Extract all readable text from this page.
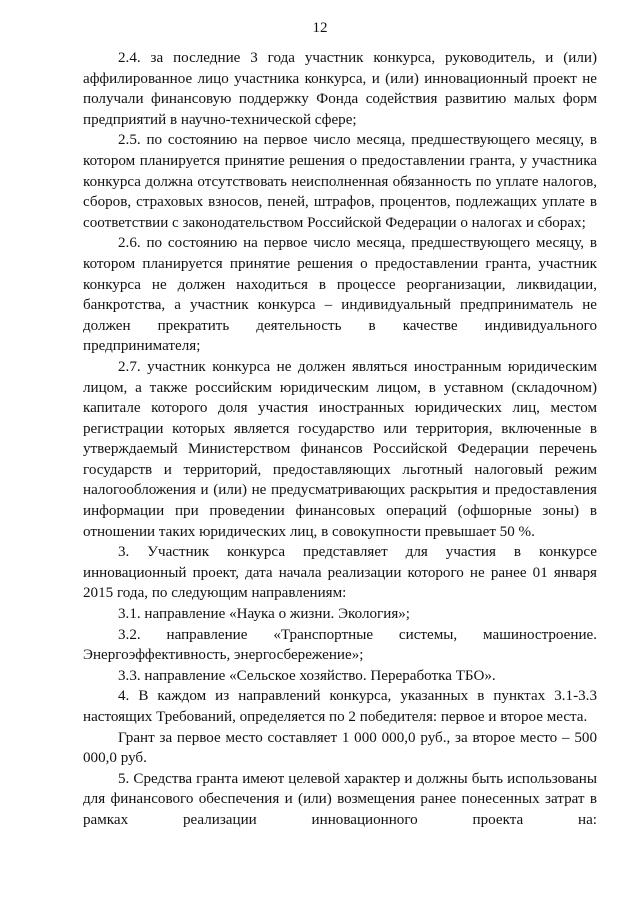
12

2.4. за последние 3 года участник конкурса, руководитель, и (или) аффилированное лицо участника конкурса, и (или) инновационный проект не получали финансовую поддержку Фонда содействия развитию малых форм предприятий в научно-технической сфере;

2.5. по состоянию на первое число месяца, предшествующего месяцу, в котором планируется принятие решения о предоставлении гранта, у участника конкурса должна отсутствовать неисполненная обязанность по уплате налогов, сборов, страховых взносов, пеней, штрафов, процентов, подлежащих уплате в соответствии с законодательством Российской Федерации о налогах и сборах;

2.6. по состоянию на первое число месяца, предшествующего месяцу, в котором планируется принятие решения о предоставлении гранта, участник конкурса не должен находиться в процессе реорганизации, ликвидации, банкротства, а участник конкурса – индивидуальный предприниматель не должен прекратить деятельность в качестве индивидуального предпринимателя;

2.7. участник конкурса не должен являться иностранным юридическим лицом, а также российским юридическим лицом, в уставном (складочном) капитале которого доля участия иностранных юридических лиц, местом регистрации которых является государство или территория, включенные в утверждаемый Министерством финансов Российской Федерации перечень государств и территорий, предоставляющих льготный налоговый режим налогообложения и (или) не предусматривающих раскрытия и предоставления информации при проведении финансовых операций (офшорные зоны) в отношении таких юридических лиц, в совокупности превышает 50 %.

3. Участник конкурса представляет для участия в конкурсе инновационный проект, дата начала реализации которого не ранее 01 января 2015 года, по следующим направлениям:

3.1. направление «Наука о жизни. Экология»;

3.2. направление «Транспортные системы, машиностроение. Энергоэффективность, энергосбережение»;

3.3. направление «Сельское хозяйство. Переработка ТБО».

4. В каждом из направлений конкурса, указанных в пунктах 3.1-3.3 настоящих Требований, определяется по 2 победителя: первое и второе места.

Грант за первое место составляет 1 000 000,0 руб., за второе место – 500 000,0 руб.

5. Средства гранта имеют целевой характер и должны быть использованы для финансового обеспечения и (или) возмещения ранее понесенных затрат в рамках реализации инновационного проекта на:
